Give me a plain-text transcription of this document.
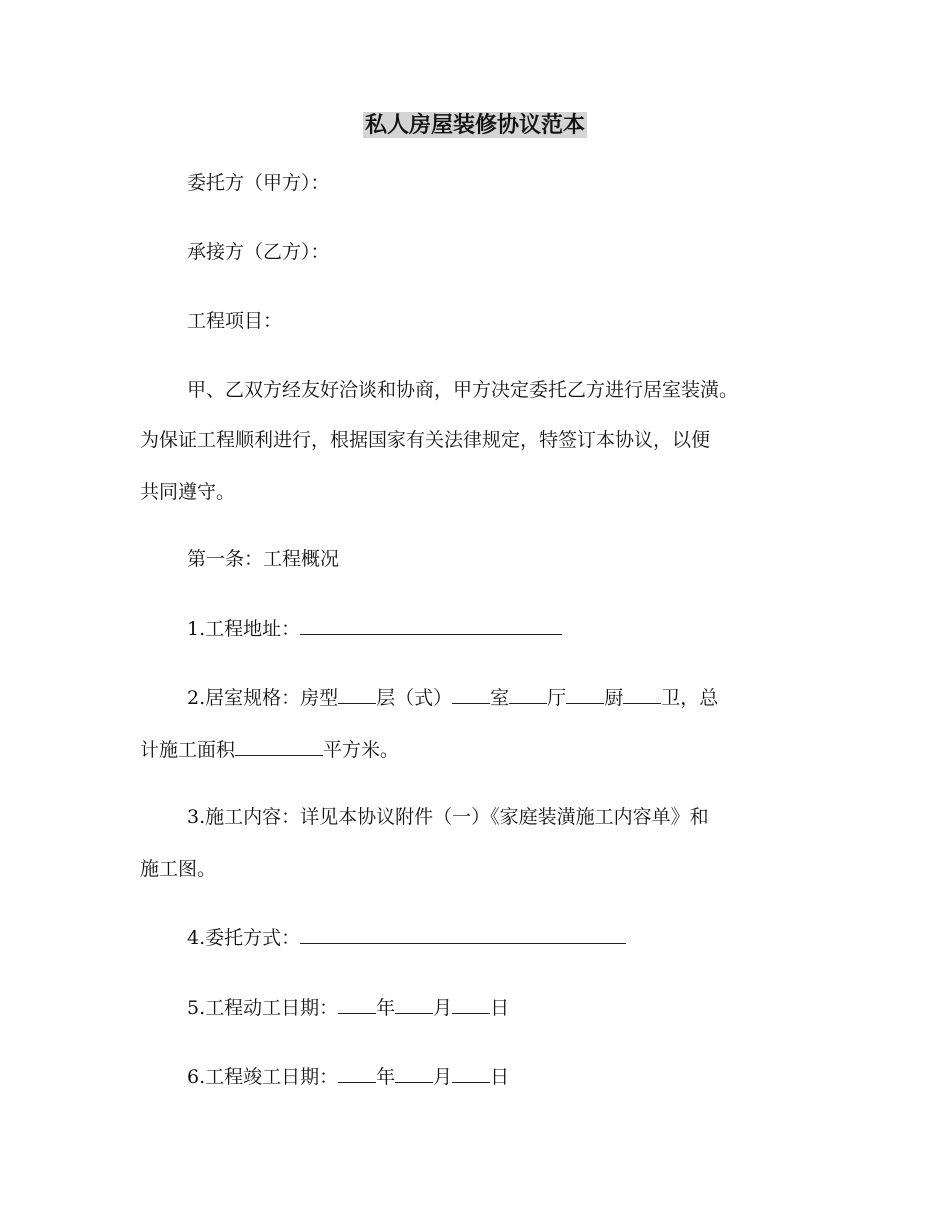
私人房屋装修协议范本
委托方（甲方）：
承接方（乙方）：
工程项目：
甲、乙双方经友好洽谈和协商，甲方决定委托乙方进行居室装潢。
为保证工程顺利进行，根据国家有关法律规定，特签订本协议，以便
共同遵守。
第一条：工程概况
1.工程地址：
2.居室规格：房型 层（式） 室 厅 厨 卫，总
计施工面积	平方米。
3.施工内容：详见本协议附件（一）《家庭装潢施工内容单》和
施工图。
4.委托方式：
5.工程动工日期： 年 月 日
6.工程竣工日期： 年 月 日
